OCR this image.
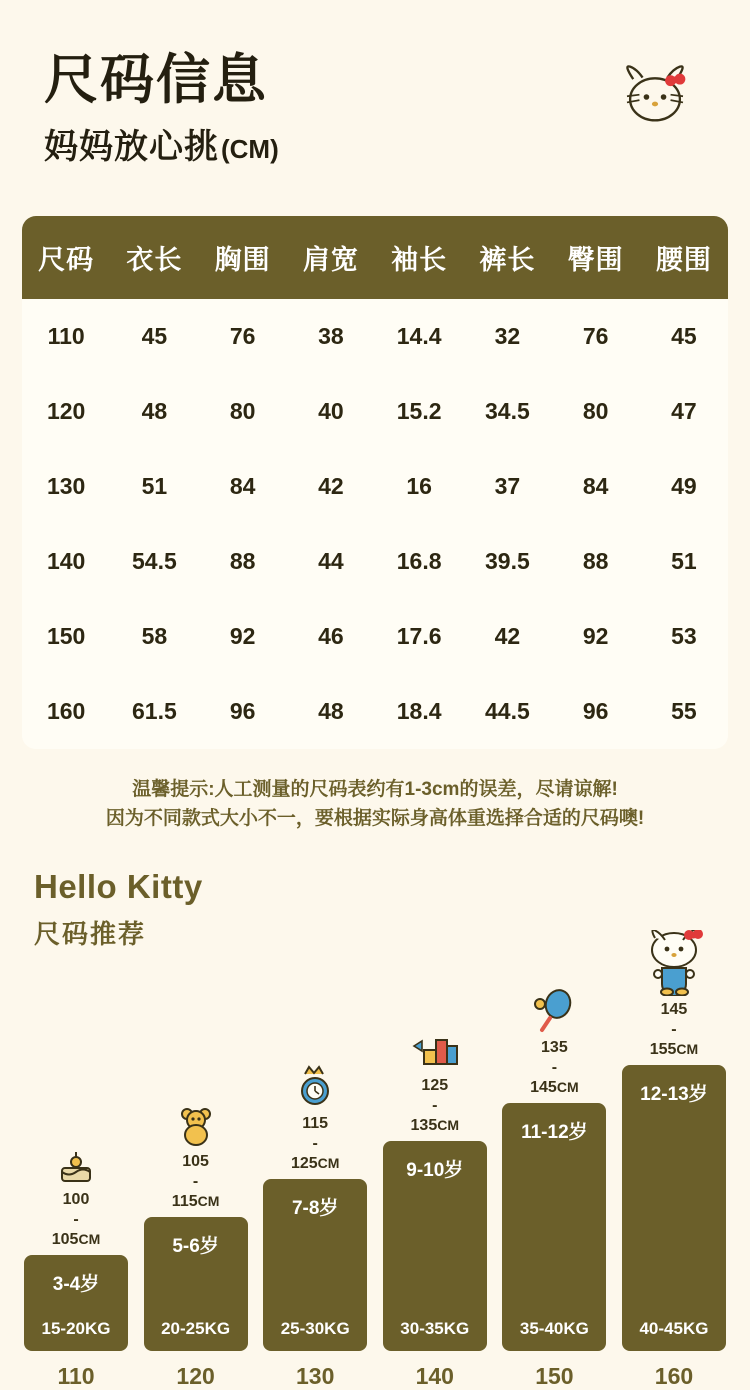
尺码信息
妈妈放心挑 (CM)
尺码	衣长	胸围	肩宽	袖长	裤长	臀围	腰围
110	45	76	38	14.4	32	76	45
120	48	80	40	15.2	34.5	80	47
130	51	84	42	16	37	84	49
140	54.5	88	44	16.8	39.5	88	51
150	58	92	46	17.6	42	92	53
160	61.5	96	48	18.4	44.5	96	55
温馨提示:人工测量的尺码表约有1-3cm的误差，尽请谅解!
因为不同款式大小不一，要根据实际身高体重选择合适的尺码噢!
Hello Kitty
尺码推荐
100
-
105CM
3-4岁
15-20KG
105
-
115CM
5-6岁
20-25KG
115
-
125CM
7-8岁
25-30KG
125
-
135CM
9-10岁
30-35KG
135
-
145CM
11-12岁
35-40KG
145
-
155CM
12-13岁
40-45KG
110	120	130	140	150	160
